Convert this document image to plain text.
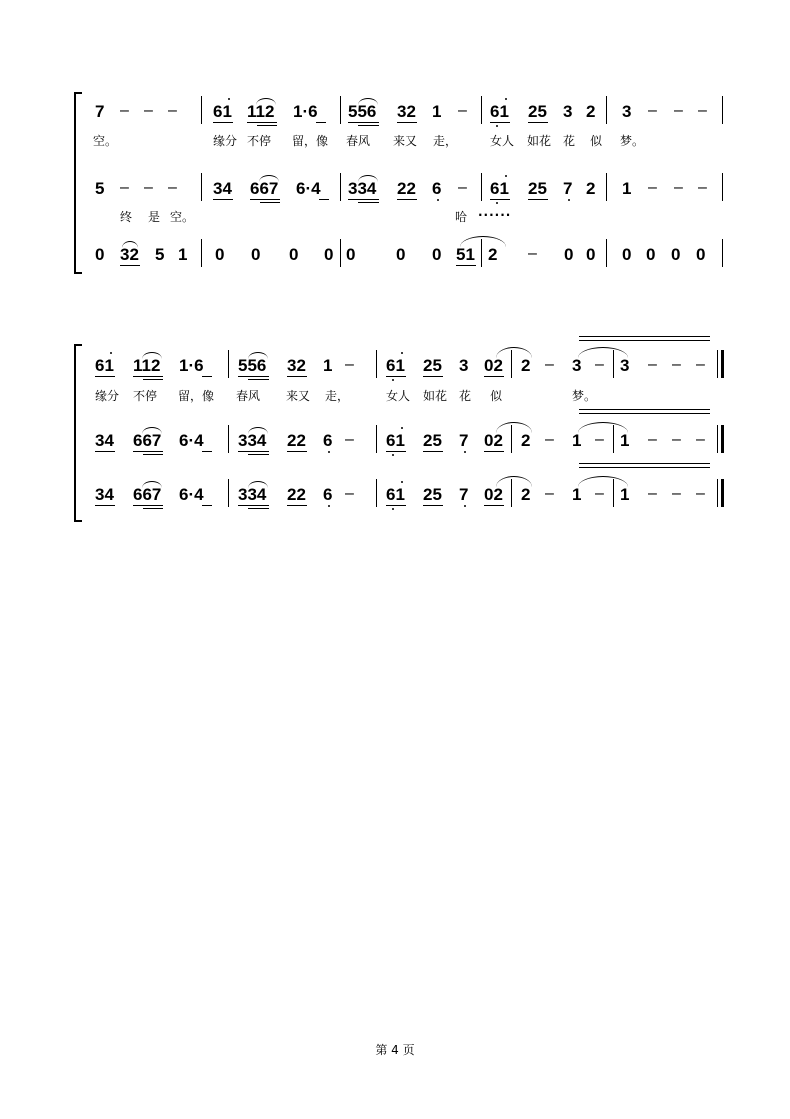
7 – – – 61 112 1·6 556 32 1 – 61 25 3 2 3 – – –
空。	缘分 不停 留，像 春风 来又 走，	女人 如花 花 似 梦。
5 – – – 34 667 6·4 334 22 6 – 61 25 7 2 1 – – –
终 是 空。	哈 ······
0 32 5 1 0 0 0 0 0 0 0 51 2 – 0 0 0 0 0 0
61 112 1·6 556 32 1 – 61 25 3 02 2 – 3 – 3 – – –
缘分 不停 留，像 春风 来又 走，	女人 如花 花 似	梦。
34 667 6·4 334 22 6 – 61 25 7 02 2 – 1 – 1 – – –
34 667 6·4 334 22 6 – 61 25 7 02 2 – 1 – 1 – – –
第 4 页
